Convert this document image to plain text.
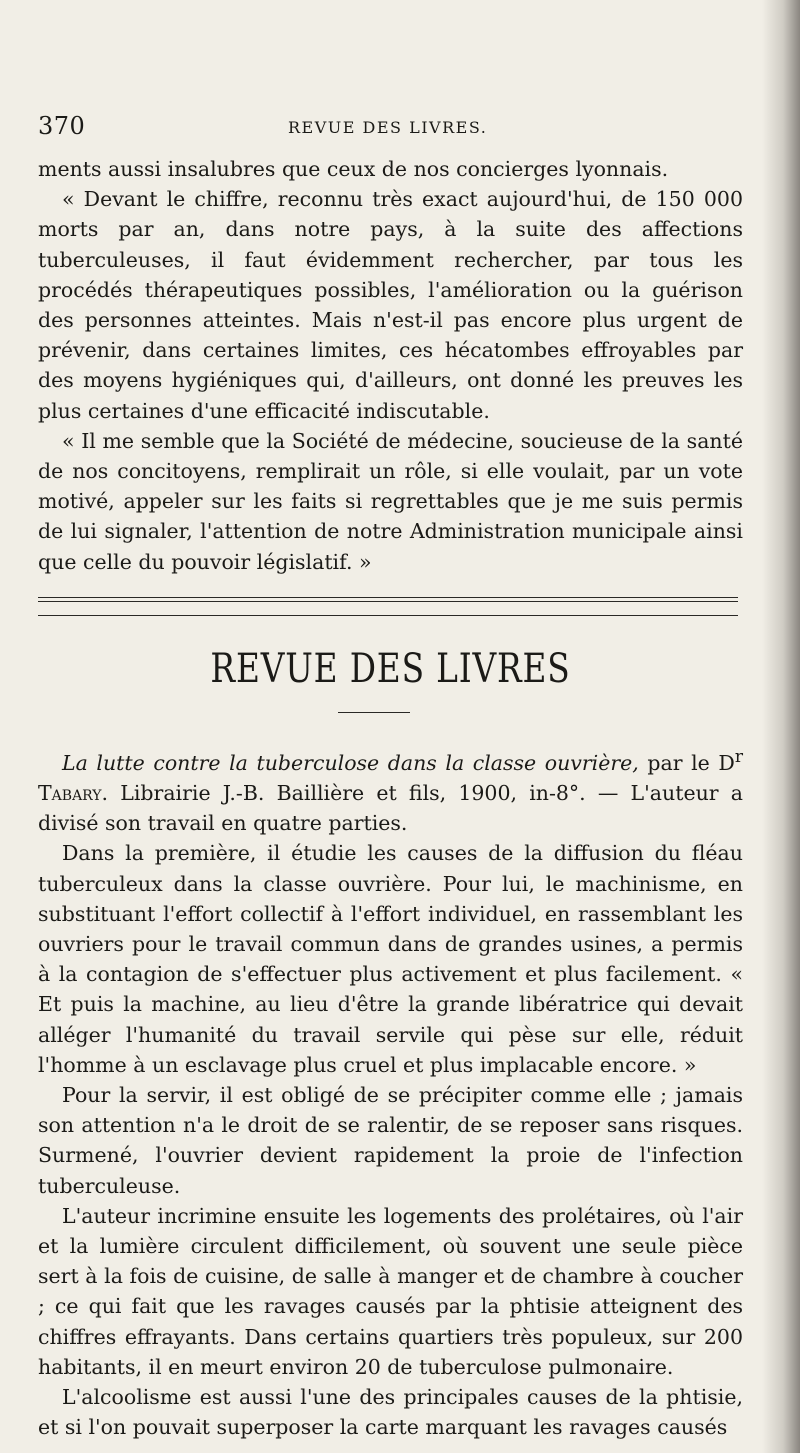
370	REVUE DES LIVRES.

ments aussi insalubres que ceux de nos concierges lyonnais.

« Devant le chiffre, reconnu très exact aujourd'hui, de 150 000 morts par an, dans notre pays, à la suite des affections tuberculeuses, il faut évidemment rechercher, par tous les procédés thérapeutiques possibles, l'amélioration ou la guérison des personnes atteintes. Mais n'est-il pas encore plus urgent de prévenir, dans certaines limites, ces hécatombes effroyables par des moyens hygiéniques qui, d'ailleurs, ont donné les preuves les plus certaines d'une efficacité indiscutable.

« Il me semble que la Société de médecine, soucieuse de la santé de nos concitoyens, remplirait un rôle, si elle voulait, par un vote motivé, appeler sur les faits si regrettables que je me suis permis de lui signaler, l'attention de notre Administration municipale ainsi que celle du pouvoir législatif. »

REVUE DES LIVRES

La lutte contre la tuberculose dans la classe ouvrière, par le $D^r$ Tabary. Librairie J.-B. Baillière et fils, 1900, in-8°. — L'auteur a divisé son travail en quatre parties.

Dans la première, il étudie les causes de la diffusion du fléau tuberculeux dans la classe ouvrière. Pour lui, le machinisme, en substituant l'effort collectif à l'effort individuel, en rassemblant les ouvriers pour le travail commun dans de grandes usines, a permis à la contagion de s'effectuer plus activement et plus facilement. « Et puis la machine, au lieu d'être la grande libératrice qui devait alléger l'humanité du travail servile qui pèse sur elle, réduit l'homme à un esclavage plus cruel et plus implacable encore. »

Pour la servir, il est obligé de se précipiter comme elle ; jamais son attention n'a le droit de se ralentir, de se reposer sans risques. Surmené, l'ouvrier devient rapidement la proie de l'infection tuberculeuse.

L'auteur incrimine ensuite les logements des prolétaires, où l'air et la lumière circulent difficilement, où souvent une seule pièce sert à la fois de cuisine, de salle à manger et de chambre à coucher ; ce qui fait que les ravages causés par la phtisie atteignent des chiffres effrayants. Dans certains quartiers très populeux, sur 200 habitants, il en meurt environ 20 de tuberculose pulmonaire.

L'alcoolisme est aussi l'une des principales causes de la phtisie, et si l'on pouvait superposer la carte marquant les ravages causés
